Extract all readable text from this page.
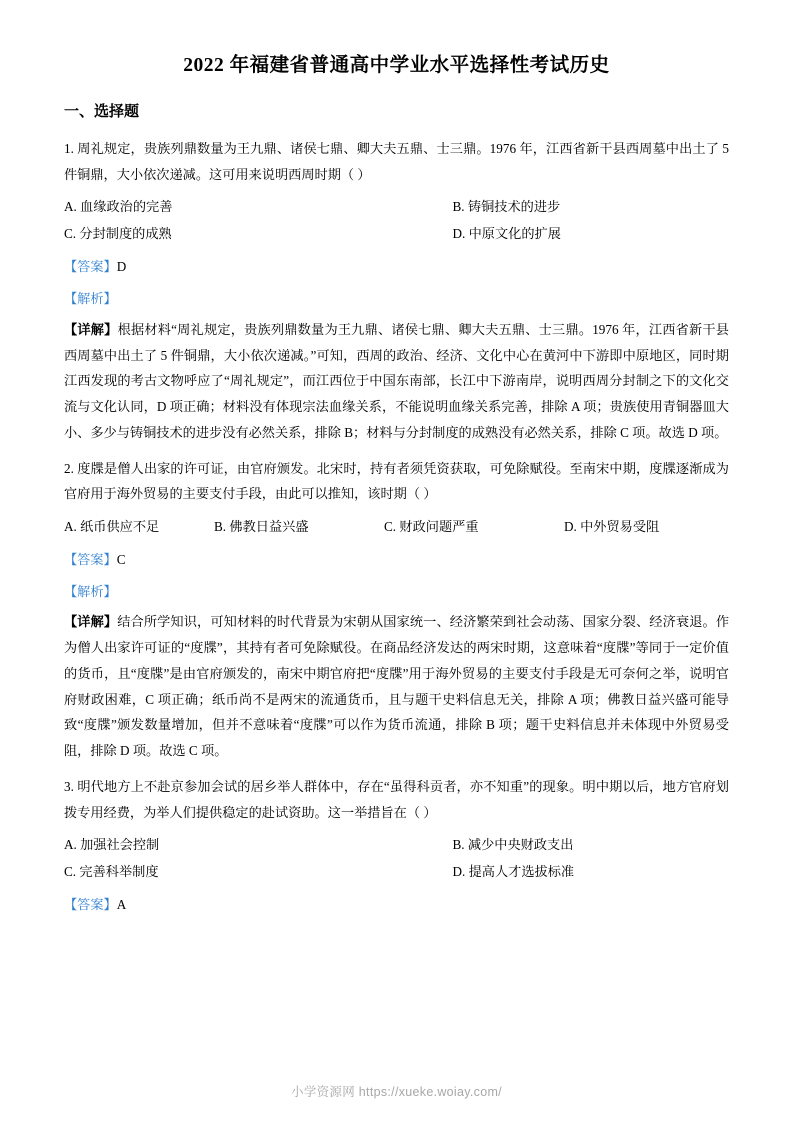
2022 年福建省普通高中学业水平选择性考试历史
一、选择题

1. 周礼规定，贵族列鼎数量为王九鼎、诸侯七鼎、卿大夫五鼎、士三鼎。1976 年，江西省新干县西周墓中出土了 5 件铜鼎，大小依次递减。这可用来说明西周时期（ ）

A. 血缘政治的完善	B. 铸铜技术的进步
C. 分封制度的成熟	D. 中原文化的扩展

【答案】D

【解析】

【详解】根据材料“周礼规定，贵族列鼎数量为王九鼎、诸侯七鼎、卿大夫五鼎、士三鼎。1976 年，江西省新干县西周墓中出土了 5 件铜鼎，大小依次递减。”可知，西周的政治、经济、文化中心在黄河中下游即中原地区，同时期江西发现的考古文物呼应了“周礼规定”，而江西位于中国东南部，长江中下游南岸，说明西周分封制之下的文化交流与文化认同，D 项正确；材料没有体现宗法血缘关系，不能说明血缘关系完善，排除 A 项；贵族使用青铜器皿大小、多少与铸铜技术的进步没有必然关系，排除 B；材料与分封制度的成熟没有必然关系，排除 C 项。故选 D 项。

2. 度牒是僧人出家的许可证，由官府颁发。北宋时，持有者须凭资获取，可免除赋役。至南宋中期，度牒逐渐成为官府用于海外贸易的主要支付手段，由此可以推知，该时期（ ）

A. 纸币供应不足	B. 佛教日益兴盛	C. 财政问题严重	D. 中外贸易受阻

【答案】C

【解析】

【详解】结合所学知识，可知材料的时代背景为宋朝从国家统一、经济繁荣到社会动荡、国家分裂、经济衰退。作为僧人出家许可证的“度牒”，其持有者可免除赋役。在商品经济发达的两宋时期，这意味着“度牒”等同于一定价值的货币，且“度牒”是由官府颁发的，南宋中期官府把“度牒”用于海外贸易的主要支付手段是无可奈何之举，说明官府财政困难，C 项正确；纸币尚不是两宋的流通货币，且与题干史料信息无关，排除 A 项；佛教日益兴盛可能导致“度牒”颁发数量增加，但并不意味着“度牒”可以作为货币流通，排除 B 项；题干史料信息并未体现中外贸易受阻，排除 D 项。故选 C 项。

3. 明代地方上不赴京参加会试的居乡举人群体中，存在“虽得科贡者，亦不知重”的现象。明中期以后，地方官府划拨专用经费，为举人们提供稳定的赴试资助。这一举措旨在（ ）

A. 加强社会控制	B. 减少中央财政支出
C. 完善科举制度	D. 提高人才选拔标准

【答案】A

小学资源网 https://xueke.woiay.com/
